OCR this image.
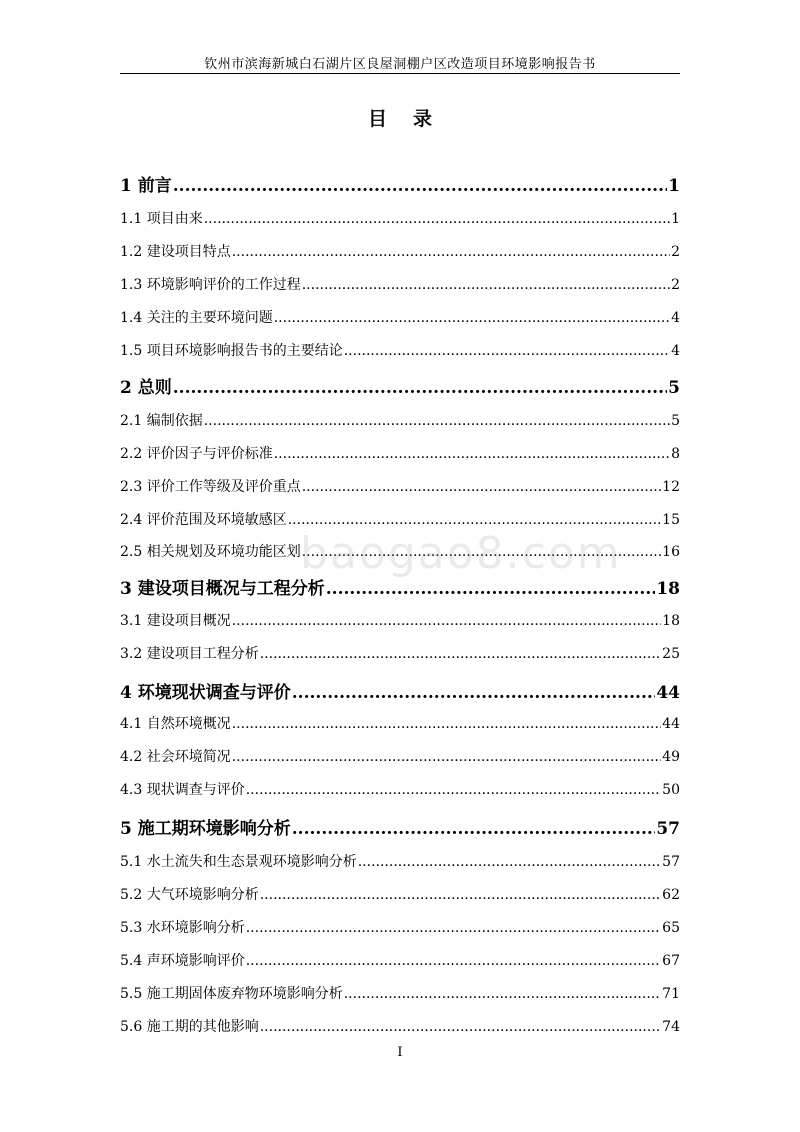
钦州市滨海新城白石湖片区良屋洞棚户区改造项目环境影响报告书
目 录
1 前言 .....	1
1.1 项目由来 .....	1
1.2 建设项目特点 .....	2
1.3 环境影响评价的工作过程 .....	2
1.4 关注的主要环境问题 .....	4
1.5 项目环境影响报告书的主要结论 .....	4
2 总则 .....	5
2.1 编制依据 .....	5
2.2 评价因子与评价标准 .....	8
2.3 评价工作等级及评价重点 .....	12
2.4 评价范围及环境敏感区 .....	15
2.5 相关规划及环境功能区划 .....	16
3 建设项目概况与工程分析 .....	18
3.1 建设项目概况 .....	18
3.2 建设项目工程分析 .....	25
4 环境现状调查与评价 .....	44
4.1 自然环境概况 .....	44
4.2 社会环境简况 .....	49
4.3 现状调查与评价 .....	50
5 施工期环境影响分析 .....	57
5.1 水土流失和生态景观环境影响分析 .....	57
5.2 大气环境影响分析 .....	62
5.3 水环境影响分析 .....	65
5.4 声环境影响评价 .....	67
5.5 施工期固体废弃物环境影响分析 .....	71
5.6 施工期的其他影响 .....	74
baogao8.com
I
